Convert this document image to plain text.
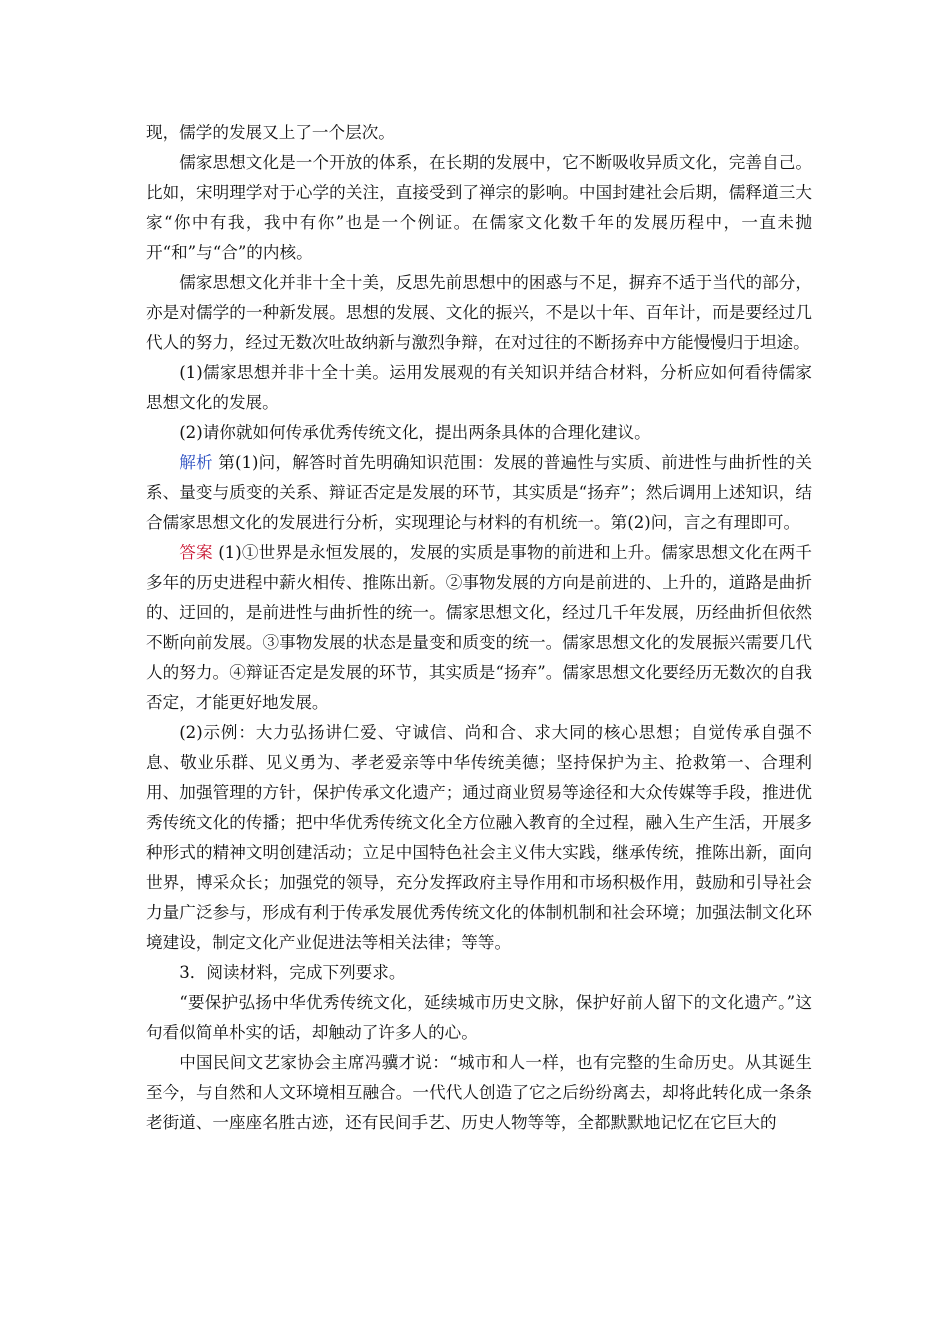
现，儒学的发展又上了一个层次。

儒家思想文化是一个开放的体系，在长期的发展中，它不断吸收异质文化，完善自己。比如，宋明理学对于心学的关注，直接受到了禅宗的影响。中国封建社会后期，儒释道三大家“你中有我，我中有你”也是一个例证。在儒家文化数千年的发展历程中，一直未抛开“和”与“合”的内核。

儒家思想文化并非十全十美，反思先前思想中的困惑与不足，摒弃不适于当代的部分，亦是对儒学的一种新发展。思想的发展、文化的振兴，不是以十年、百年计，而是要经过几代人的努力，经过无数次吐故纳新与激烈争辩，在对过往的不断扬弃中方能慢慢归于坦途。

(1)儒家思想并非十全十美。运用发展观的有关知识并结合材料，分析应如何看待儒家思想文化的发展。

(2)请你就如何传承优秀传统文化，提出两条具体的合理化建议。

解析 第(1)问，解答时首先明确知识范围：发展的普遍性与实质、前进性与曲折性的关系、量变与质变的关系、辩证否定是发展的环节，其实质是“扬弃”；然后调用上述知识，结合儒家思想文化的发展进行分析，实现理论与材料的有机统一。第(2)问，言之有理即可。

答案 (1)①世界是永恒发展的，发展的实质是事物的前进和上升。儒家思想文化在两千多年的历史进程中薪火相传、推陈出新。②事物发展的方向是前进的、上升的，道路是曲折的、迂回的，是前进性与曲折性的统一。儒家思想文化，经过几千年发展，历经曲折但依然不断向前发展。③事物发展的状态是量变和质变的统一。儒家思想文化的发展振兴需要几代人的努力。④辩证否定是发展的环节，其实质是“扬弃”。儒家思想文化要经历无数次的自我否定，才能更好地发展。

(2)示例：大力弘扬讲仁爱、守诚信、尚和合、求大同的核心思想；自觉传承自强不息、敬业乐群、见义勇为、孝老爱亲等中华传统美德；坚持保护为主、抢救第一、合理利用、加强管理的方针，保护传承文化遗产；通过商业贸易等途径和大众传媒等手段，推进优秀传统文化的传播；把中华优秀传统文化全方位融入教育的全过程，融入生产生活，开展多种形式的精神文明创建活动；立足中国特色社会主义伟大实践，继承传统，推陈出新，面向世界，博采众长；加强党的领导，充分发挥政府主导作用和市场积极作用，鼓励和引导社会力量广泛参与，形成有利于传承发展优秀传统文化的体制机制和社会环境；加强法制文化环境建设，制定文化产业促进法等相关法律；等等。

3．阅读材料，完成下列要求。

“要保护弘扬中华优秀传统文化，延续城市历史文脉，保护好前人留下的文化遗产。”这句看似简单朴实的话，却触动了许多人的心。

中国民间文艺家协会主席冯骥才说：“城市和人一样，也有完整的生命历史。从其诞生至今，与自然和人文环境相互融合。一代代人创造了它之后纷纷离去，却将此转化成一条条老街道、一座座名胜古迹，还有民间手艺、历史人物等等，全都默默地记忆在它巨大的
